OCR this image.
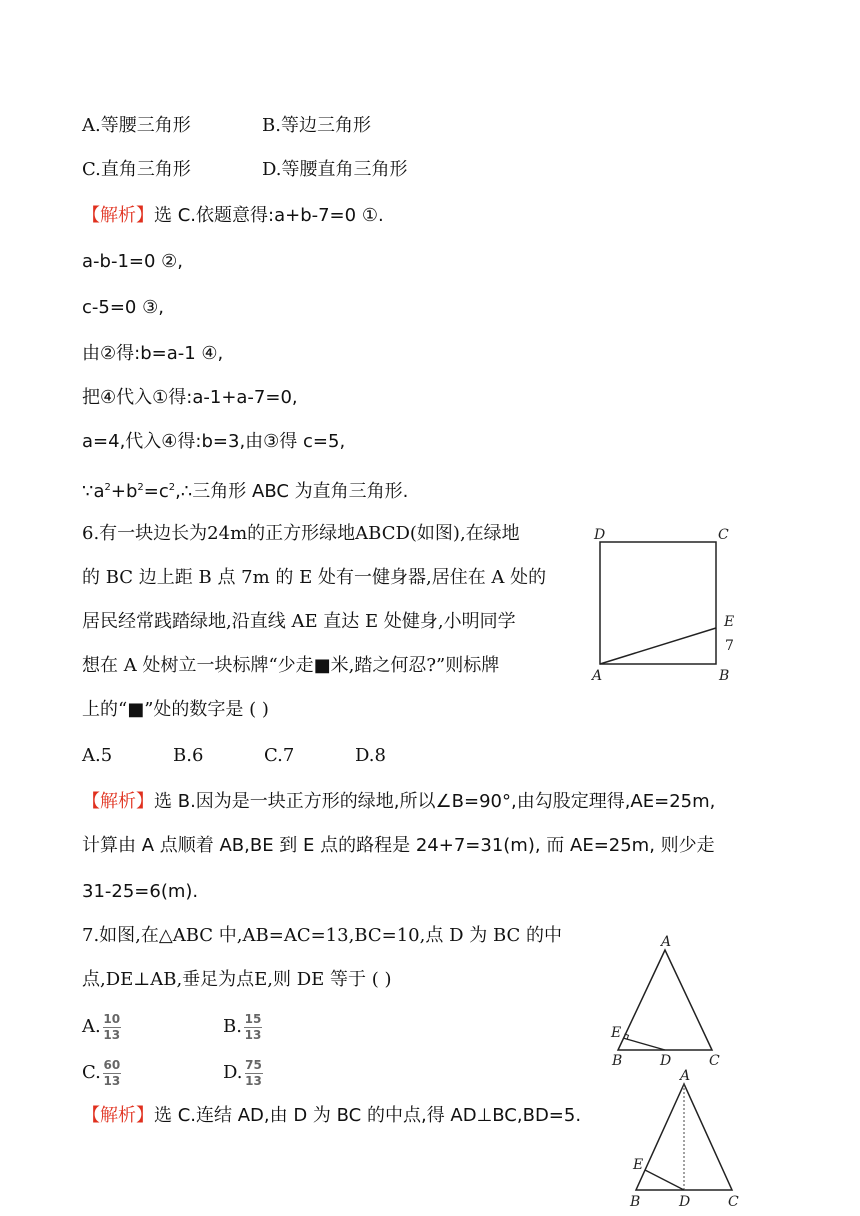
A.等腰三角形	B.等边三角形
C.直角三角形	D.等腰直角三角形
【解析】选 C.依题意得:a+b-7=0 ①.
a-b-1=0 ②,
c-5=0 ③,
由②得:b=a-1 ④,
把④代入①得:a-1+a-7=0,
a=4,代入④得:b=3,由③得 c=5,
$\because a^2+b^2=c^2,\therefore$三角形 ABC 为直角三角形.
6.有一块边长为24m的正方形绿地ABCD(如图),在绿地
的 BC 边上距 B 点 7m 的 E 处有一健身器,居住在 A 处的
居民经常践踏绿地,沿直线 AE 直达 E 处健身,小明同学
想在 A 处树立一块标牌“少走■米,踏之何忍?”则标牌
上的“■”处的数字是 ( )
D	C
E
7
A	B
A.5	B.6	C.7	D.8
【解析】选 B.因为是一块正方形的绿地,所以∠B=90°,由勾股定理得,AE=25m,
计算由 A 点顺着 AB,BE 到 E 点的路程是 24+7=31(m), 而 AE=25m, 则少走
31-25=6(m).
7.如图,在△ABC 中,AB=AC=13,BC=10,点 D 为 BC 的中
点,DE⊥AB,垂足为点E,则 DE 等于 ( )
A. $\frac{10}{13}$	B. $\frac{15}{13}$
C. $\frac{60}{13}$	D. $\frac{75}{13}$
【解析】选 C.连结 AD,由 D 为 BC 的中点,得 AD⊥BC,BD=5.
A
E
B	D	C
A
E
B	D	C
